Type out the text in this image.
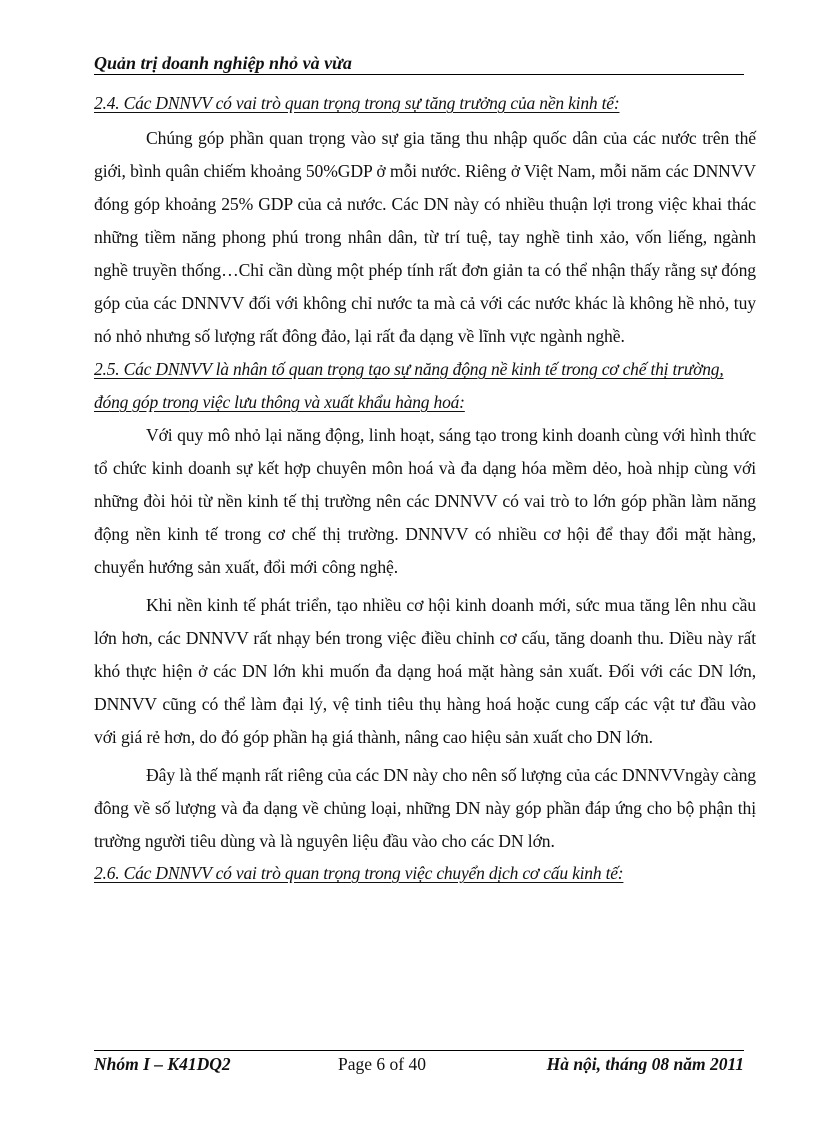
Quản trị doanh nghiệp nhỏ và vừa

2.4. Các DNNVV có vai trò quan trọng trong sự tăng trưởng của nền kinh tế:

Chúng góp phần quan trọng vào sự gia tăng thu nhập quốc dân của các nước trên thế giới, bình quân chiếm khoảng 50%GDP ở mỗi nước. Riêng ở Việt Nam, mỗi năm các DNNVV đóng góp khoảng 25% GDP của cả nước. Các DN này có nhiều thuận lợi trong việc khai thác những tiềm năng phong phú trong nhân dân, từ trí tuệ, tay nghề tinh xảo, vốn liếng, ngành nghề truyền thống…Chỉ cần dùng một phép tính rất đơn giản ta có thể nhận thấy rằng sự đóng góp của các DNNVV đối với không chỉ nước ta mà cả với các nước khác là không hề nhỏ, tuy nó nhỏ nhưng số lượng rất đông đảo, lại rất đa dạng về lĩnh vực ngành nghề.

2.5. Các DNNVV là nhân tố quan trọng tạo sự năng động nề kinh tế trong cơ chế thị trường, đóng góp trong việc lưu thông và xuất khẩu hàng hoá:

Với quy mô nhỏ lại năng động, linh hoạt, sáng tạo trong kinh doanh cùng với hình thức tổ chức kinh doanh sự kết hợp chuyên môn hoá và đa dạng hóa mềm dẻo, hoà nhịp cùng với những đòi hỏi từ nền kinh tế thị trường nên các DNNVV có vai trò to lớn góp phần làm năng động nền kinh tế trong cơ chế thị trường. DNNVV có nhiều cơ hội để thay đổi mặt hàng, chuyển hướng sản xuất, đổi mới công nghệ.

Khi nền kinh tế phát triển, tạo nhiều cơ hội kinh doanh mới, sức mua tăng lên nhu cầu lớn hơn, các DNNVV rất nhạy bén trong việc điều chỉnh cơ cấu, tăng doanh thu. Diều này rất khó thực hiện ở các DN lớn khi muốn đa dạng hoá mặt hàng sản xuất. Đối với các DN lớn, DNNVV cũng có thể làm đại lý, vệ tinh tiêu thụ hàng hoá hoặc cung cấp các vật tư đầu vào với giá rẻ hơn, do đó góp phần hạ giá thành, nâng cao hiệu sản xuất cho DN lớn.

Đây là thế mạnh rất riêng của các DN này cho nên số lượng của các DNNVVngày càng đông về số lượng và đa dạng về chủng loại, những DN này góp phần đáp ứng cho bộ phận thị trường người tiêu dùng và là nguyên liệu đầu vào cho các DN lớn.

2.6. Các DNNVV có vai trò quan trọng trong việc chuyển dịch cơ cấu kinh tế:

Nhóm I – K41DQ2	Page 6 of 40	Hà nội, tháng 08 năm 2011
